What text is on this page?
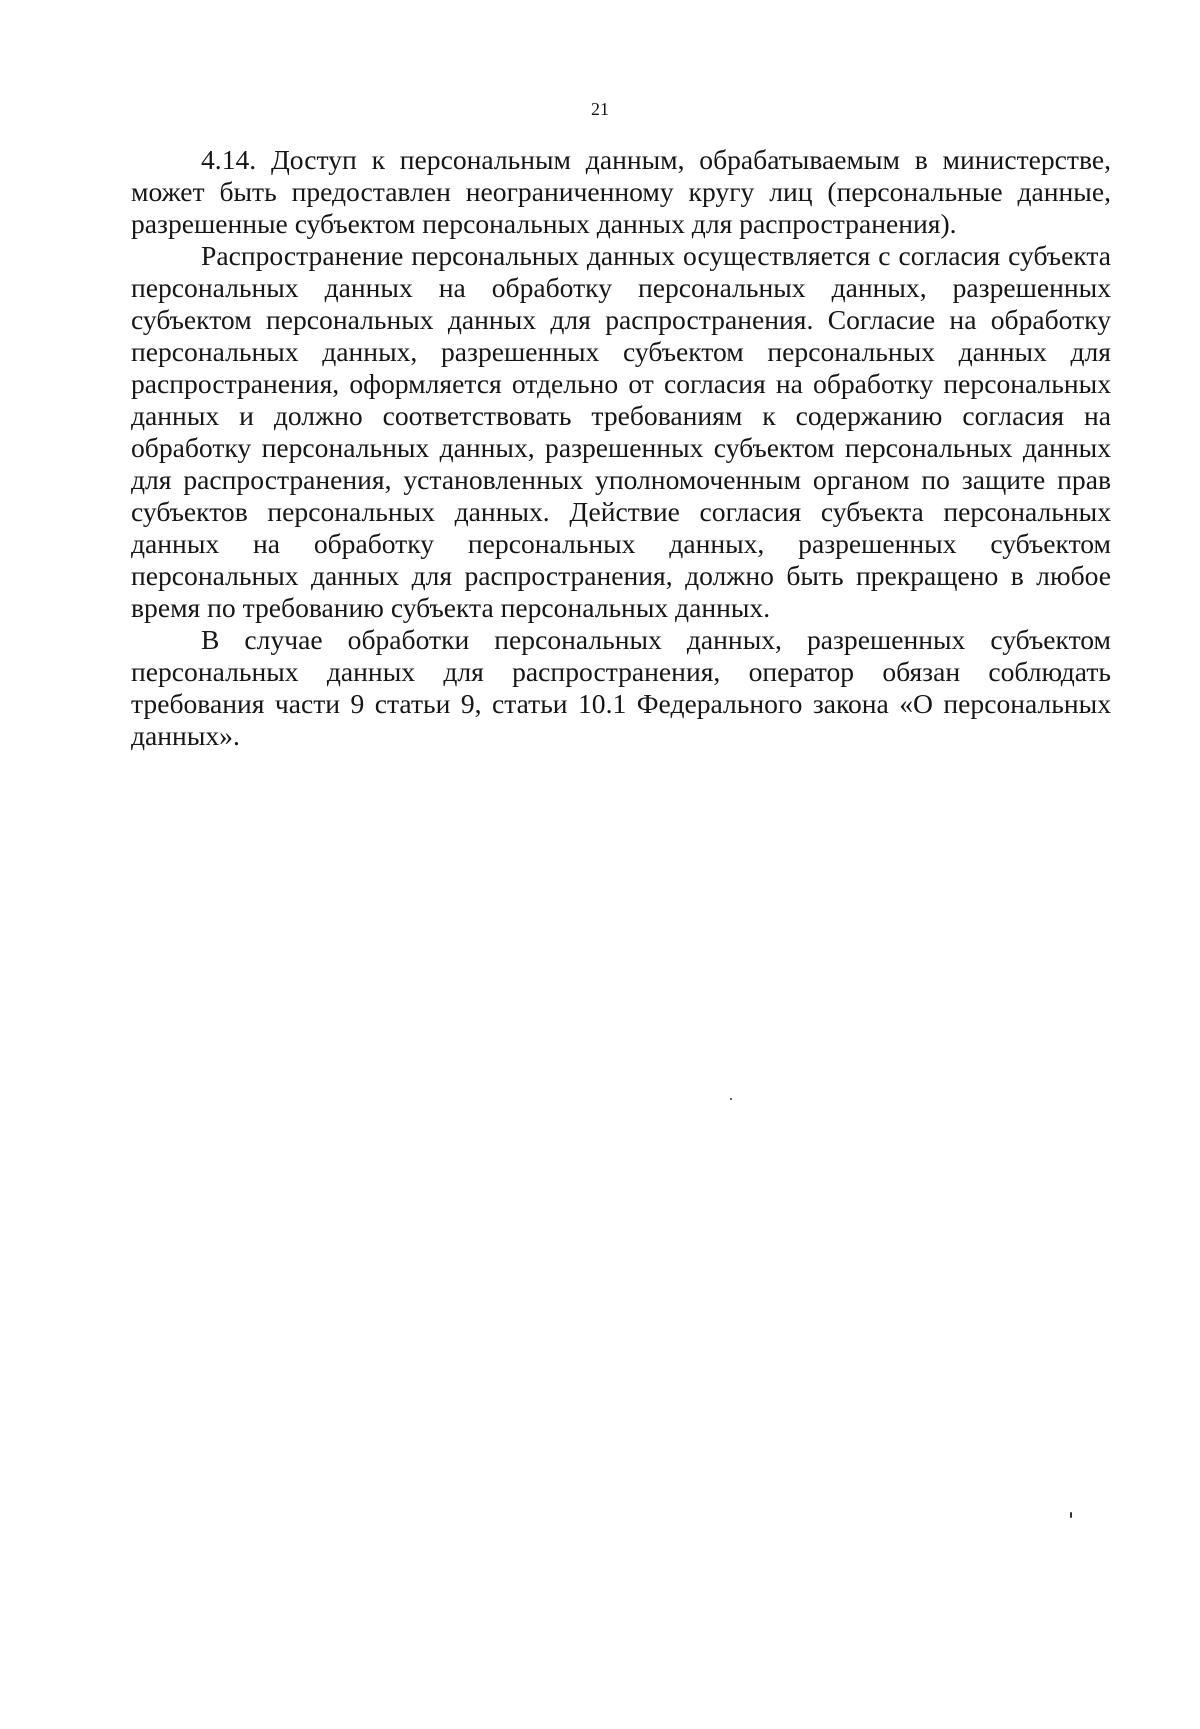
21

4.14. Доступ к персональным данным, обрабатываемым в министерстве, может быть предоставлен неограниченному кругу лиц (персональные данные, разрешенные субъектом персональных данных для распространения).

Распространение персональных данных осуществляется с согласия субъекта персональных данных на обработку персональных данных, разрешенных субъектом персональных данных для распространения. Согласие на обработку персональных данных, разрешенных субъектом персональных данных для распространения, оформляется отдельно от согласия на обработку персональных данных и должно соответствовать требованиям к содержанию согласия на обработку персональных данных, разрешенных субъектом персональных данных для распространения, установленных уполномоченным органом по защите прав субъектов персональных данных. Действие согласия субъекта персональных данных на обработку персональных данных, разрешенных субъектом персональных данных для распространения, должно быть прекращено в любое время по требованию субъекта персональных данных.

В случае обработки персональных данных, разрешенных субъектом персональных данных для распространения, оператор обязан соблюдать требования части 9 статьи 9, статьи 10.1 Федерального закона «О персональных данных».
